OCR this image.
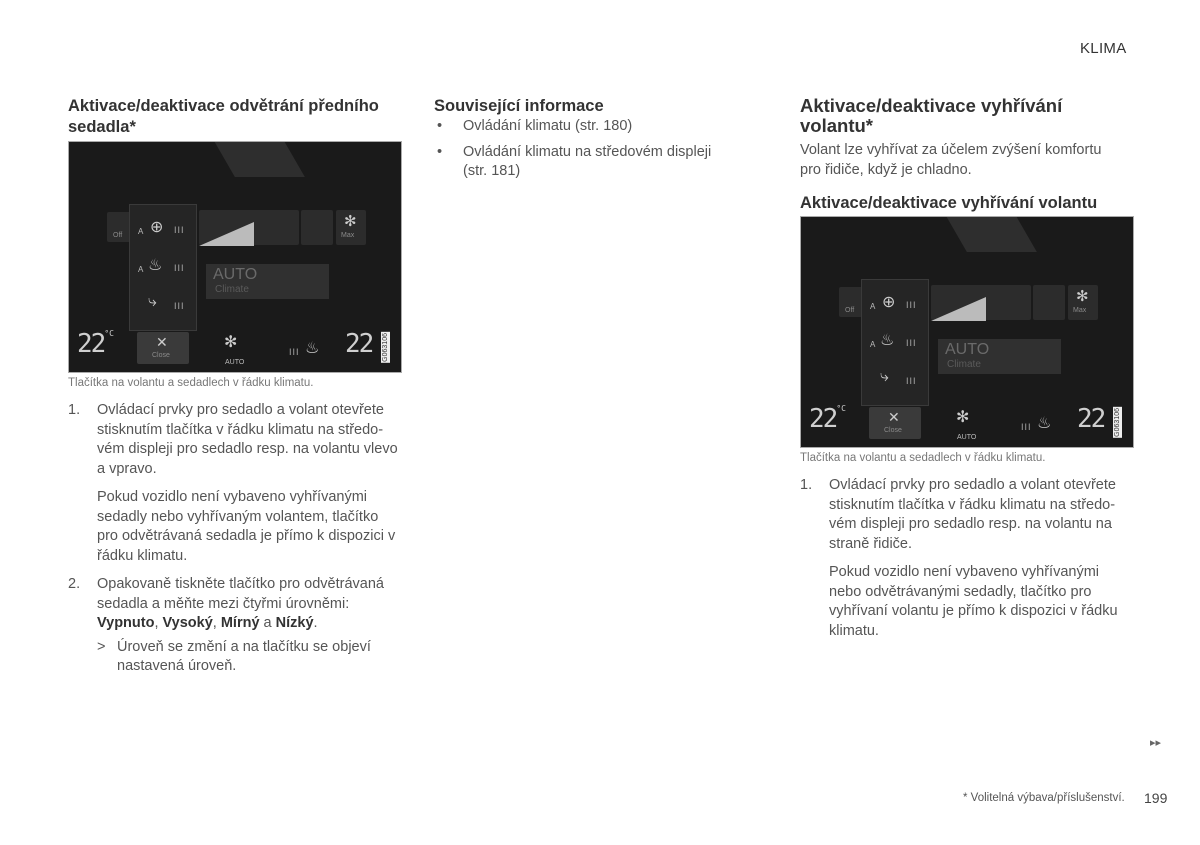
KLIMA
Aktivace/deaktivace odvětrání předního sedadla*
Off
✻
Max
AUTO
Climate
A ⊕ III
A ♨ III
⤷ III
$22^{^\circ C}$
✕
Close
✻
AUTO
III ♨ 22 G063106
Tlačítka na volantu a sedadlech v řádku klimatu.
1. Ovládací prvky pro sedadlo a volant otevřete stisknutím tlačítka v řádku klimatu na středo-vém displeji pro sedadlo resp. na volantu vlevo a vpravo.
Pokud vozidlo není vybaveno vyhřívanými sedadly nebo vyhřívaným volantem, tlačítko pro odvětrávaná sedadla je přímo k dispozici v řádku klimatu.
2. Opakovaně tiskněte tlačítko pro odvětrávaná sedadla a měňte mezi čtyřmi úrovněmi: Vypnuto, Vysoký, Mírný a Nízký.
> Úroveň se změní a na tlačítku se objeví nastavená úroveň.
Související informace
• Ovládání klimatu (str. 180)
• Ovládání klimatu na středovém displeji (str. 181)
Aktivace/deaktivace vyhřívání volantu*
Volant lze vyhřívat za účelem zvýšení komfortu pro řidiče, když je chladno.
Aktivace/deaktivace vyhřívání volantu
Off
✻
Max
AUTO
Climate
A ⊕ III
A ♨ III
⤷ III
$22^{^\circ C}$
✕
Close
✻
AUTO
III ♨ 22 G063106
Tlačítka na volantu a sedadlech v řádku klimatu.
1. Ovládací prvky pro sedadlo a volant otevřete stisknutím tlačítka v řádku klimatu na středo-vém displeji pro sedadlo resp. na volantu na straně řidiče.
Pokud vozidlo není vybaveno vyhřívanými nebo odvětrávanými sedadly, tlačítko pro vyhřívaní volantu je přímo k dispozici v řádku klimatu.
▸▸
* Volitelná výbava/příslušenství. 199
